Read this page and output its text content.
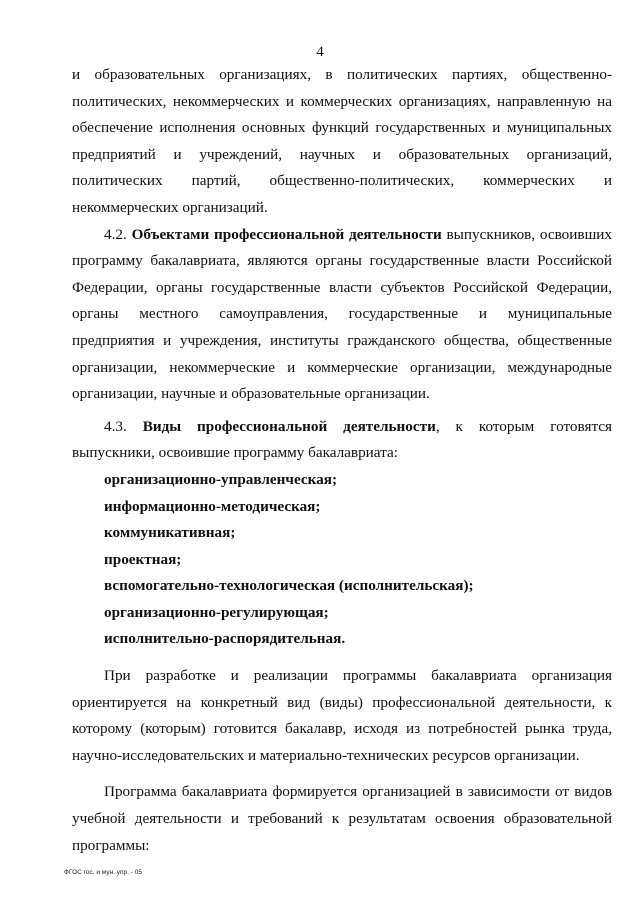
4

и образовательных организациях, в политических партиях, общественно-политических, некоммерческих и коммерческих организациях, направленную на обеспечение исполнения основных функций государственных и муниципальных предприятий и учреждений, научных и образовательных организаций, политических партий, общественно-политических, коммерческих и некоммерческих организаций.

4.2. Объектами профессиональной деятельности выпускников, освоивших программу бакалавриата, являются органы государственные власти Российской Федерации, органы государственные власти субъектов Российской Федерации, органы местного самоуправления, государственные и муниципальные предприятия и учреждения, институты гражданского общества, общественные организации, некоммерческие и коммерческие организации, международные организации, научные и образовательные организации.

4.3. Виды профессиональной деятельности, к которым готовятся выпускники, освоившие программу бакалавриата:

организационно-управленческая;
информационно-методическая;
коммуникативная;
проектная;
вспомогательно-технологическая (исполнительская);
организационно-регулирующая;
исполнительно-распорядительная.

При разработке и реализации программы бакалавриата организация ориентируется на конкретный вид (виды) профессиональной деятельности, к которому (которым) готовится бакалавр, исходя из потребностей рынка труда, научно-исследовательских и материально-технических ресурсов организации.

Программа бакалавриата формируется организацией в зависимости от видов учебной деятельности и требований к результатам освоения образовательной программы:

ФГОС гос. и мун. упр. - 05
